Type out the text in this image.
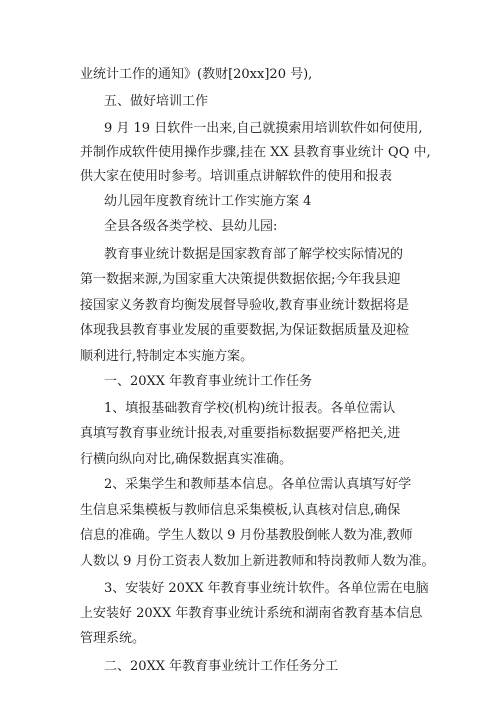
业统计工作的通知》(教财[20xx]20 号),
五、做好培训工作
9 月 19 日软件一出来,自己就摸索用培训软件如何使用,
并制作成软件使用操作步骤,挂在 XX 县教育事业统计 QQ 中,
供大家在使用时参考。培训重点讲解软件的使用和报表
幼儿园年度教育统计工作实施方案 4
全县各级各类学校、县幼儿园:
教育事业统计数据是国家教育部了解学校实际情况的
第一数据来源,为国家重大决策提供数据依据;今年我县迎
接国家义务教育均衡发展督导验收,教育事业统计数据将是
体现我县教育事业发展的重要数据,为保证数据质量及迎检
顺利进行,特制定本实施方案。
一、20XX 年教育事业统计工作任务
1、填报基础教育学校(机构)统计报表。各单位需认
真填写教育事业统计报表,对重要指标数据要严格把关,进
行横向纵向对比,确保数据真实准确。
2、采集学生和教师基本信息。各单位需认真填写好学
生信息采集模板与教师信息采集模板,认真核对信息,确保
信息的准确。学生人数以 9 月份基教股倒帐人数为准,教师
人数以 9 月份工资表人数加上新进教师和特岗教师人数为准。
3、安装好 20XX 年教育事业统计软件。各单位需在电脑
上安装好 20XX 年教育事业统计系统和湖南省教育基本信息
管理系统。
二、20XX 年教育事业统计工作任务分工
